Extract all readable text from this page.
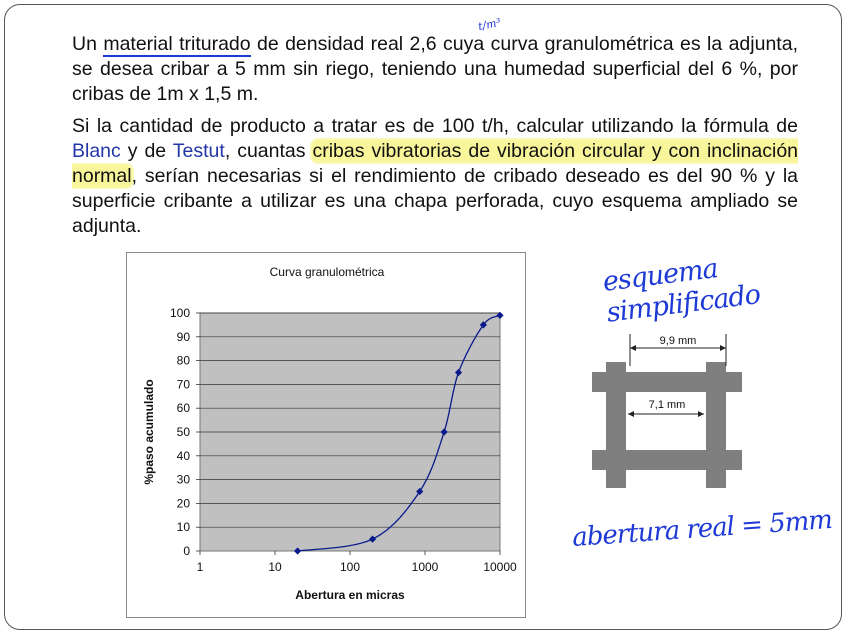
Un material triturado de densidad real 2,6 cuya curva granulométrica es la adjunta, se desea cribar a 5 mm sin riego, teniendo una humedad superficial del 6 %, por cribas de 1m x 1,5 m.
Si la cantidad de producto a tratar es de 100 t/h, calcular utilizando la fórmula de Blanc y de Testut, cuantas cribas vibratorias de vibración circular y con inclinación normal, serían necesarias si el rendimiento de cribado deseado es del 90 % y la superficie cribante a utilizar es una chapa perforada, cuyo esquema ampliado se adjunta.
t/m³
esquema simplificado
abertura real = 5mm
Curva granulométrica
0
10
20
30
40
50
60
70
80
90
100
1	10	100	1000	10000
Abertura en micras
%paso acumulado
9,9 mm
7,1 mm
